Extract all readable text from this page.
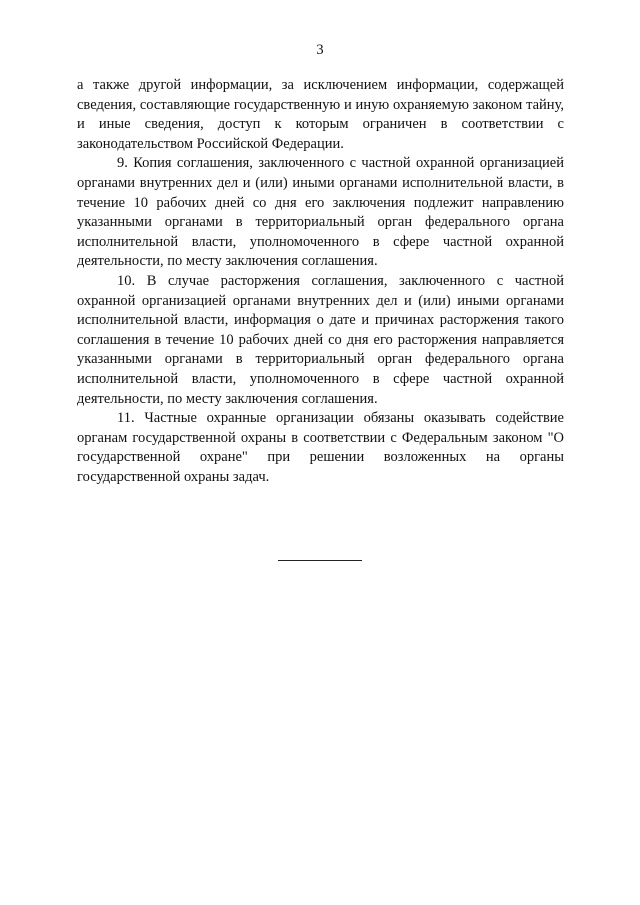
3

а также другой информации, за исключением информации, содержащей сведения, составляющие государственную и иную охраняемую законом тайну, и иные сведения, доступ к которым ограничен в соответствии с законодательством Российской Федерации.

9. Копия соглашения, заключенного с частной охранной организацией органами внутренних дел и (или) иными органами исполнительной власти, в течение 10 рабочих дней со дня его заключения подлежит направлению указанными органами в территориальный орган федерального органа исполнительной власти, уполномоченного в сфере частной охранной деятельности, по месту заключения соглашения.

10. В случае расторжения соглашения, заключенного с частной охранной организацией органами внутренних дел и (или) иными органами исполнительной власти, информация о дате и причинах расторжения такого соглашения в течение 10 рабочих дней со дня его расторжения направляется указанными органами в территориальный орган федерального органа исполнительной власти, уполномоченного в сфере частной охранной деятельности, по месту заключения соглашения.

11. Частные охранные организации обязаны оказывать содействие органам государственной охраны в соответствии с Федеральным законом "О государственной охране" при решении возложенных на органы государственной охраны задач.
